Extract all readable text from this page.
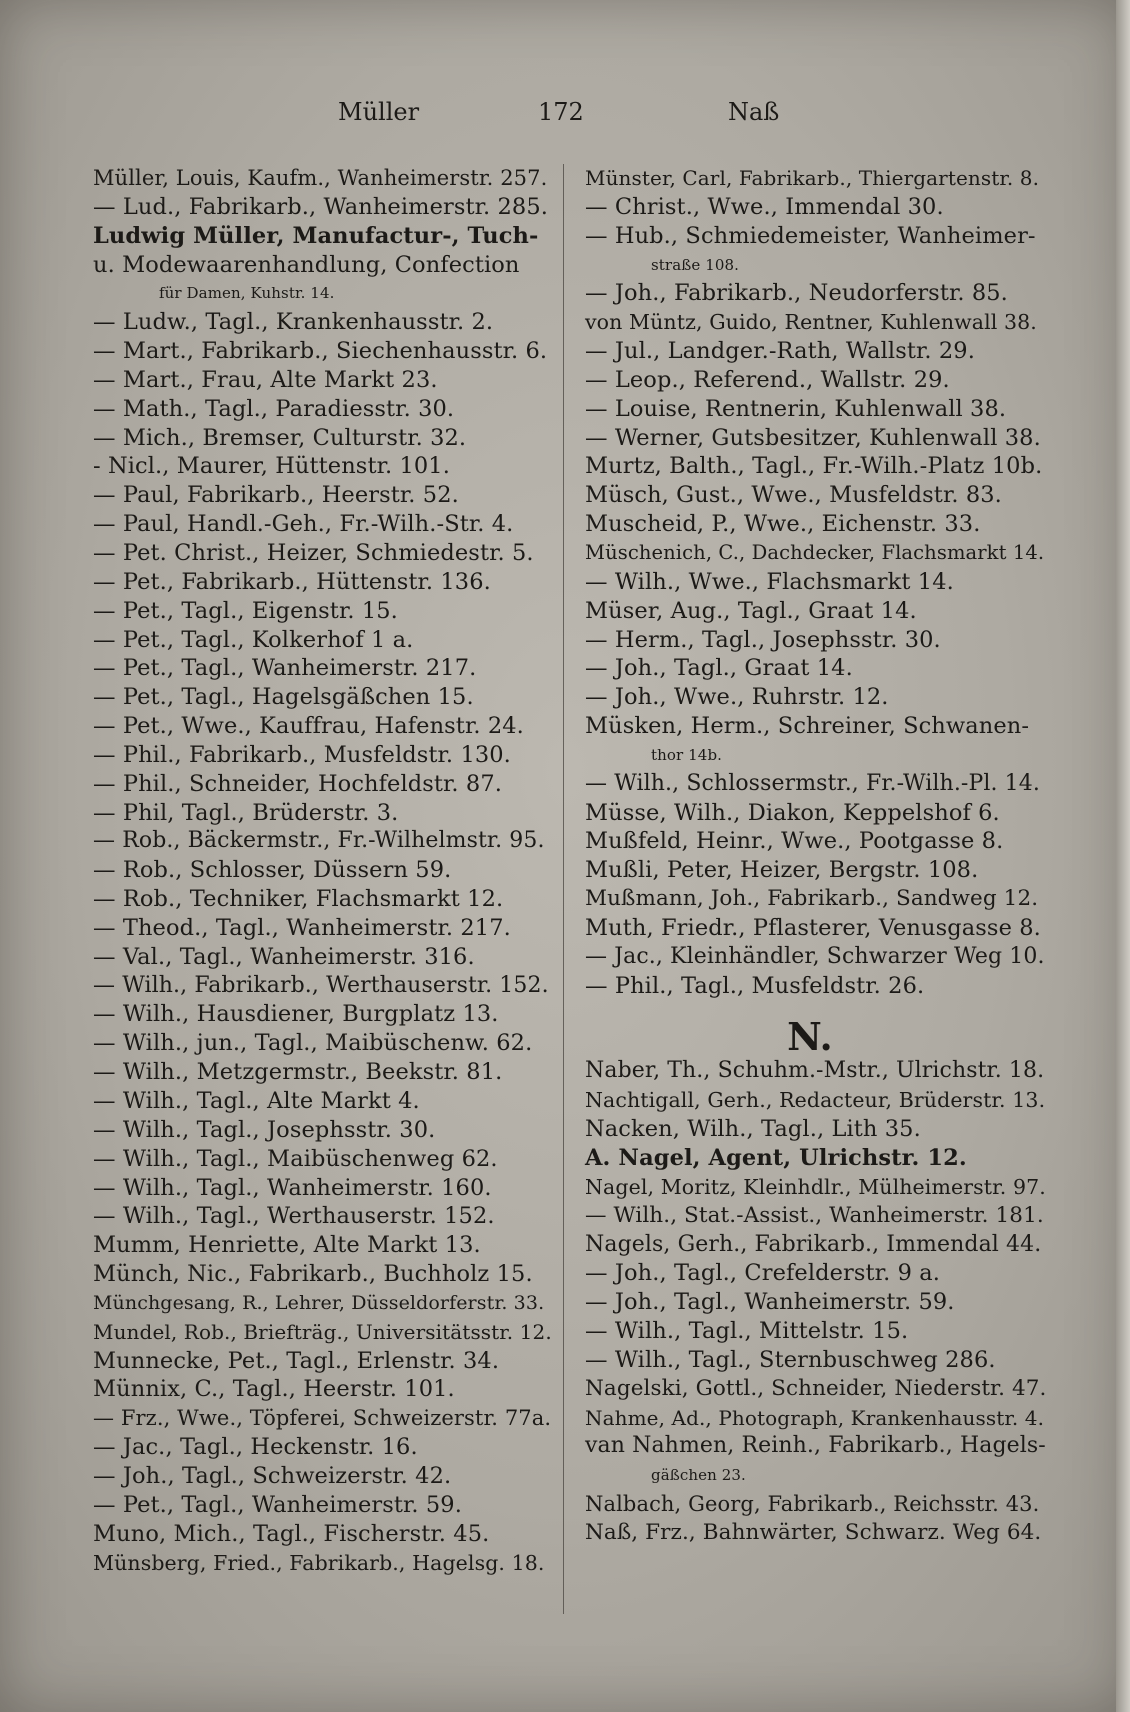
Müller	172	Naß
Müller, Louis, Kaufm., Wanheimerstr. 257.
— Lud., Fabrikarb., Wanheimerstr. 285.
Ludwig Müller, Manufactur-, Tuch-
u. Modewaarenhandlung, Confection
für Damen, Kuhstr. 14.
— Ludw., Tagl., Krankenhausstr. 2.
— Mart., Fabrikarb., Siechenhausstr. 6.
— Mart., Frau, Alte Markt 23.
— Math., Tagl., Paradiesstr. 30.
— Mich., Bremser, Culturstr. 32.
- Nicl., Maurer, Hüttenstr. 101.
— Paul, Fabrikarb., Heerstr. 52.
— Paul, Handl.-Geh., Fr.-Wilh.-Str. 4.
— Pet. Christ., Heizer, Schmiedestr. 5.
— Pet., Fabrikarb., Hüttenstr. 136.
— Pet., Tagl., Eigenstr. 15.
— Pet., Tagl., Kolkerhof 1 a.
— Pet., Tagl., Wanheimerstr. 217.
— Pet., Tagl., Hagelsgäßchen 15.
— Pet., Wwe., Kauffrau, Hafenstr. 24.
— Phil., Fabrikarb., Musfeldstr. 130.
— Phil., Schneider, Hochfeldstr. 87.
— Phil, Tagl., Brüderstr. 3.
— Rob., Bäckermstr., Fr.-Wilhelmstr. 95.
— Rob., Schlosser, Düssern 59.
— Rob., Techniker, Flachsmarkt 12.
— Theod., Tagl., Wanheimerstr. 217.
— Val., Tagl., Wanheimerstr. 316.
— Wilh., Fabrikarb., Werthauserstr. 152.
— Wilh., Hausdiener, Burgplatz 13.
— Wilh., jun., Tagl., Maibüschenw. 62.
— Wilh., Metzgermstr., Beekstr. 81.
— Wilh., Tagl., Alte Markt 4.
— Wilh., Tagl., Josephsstr. 30.
— Wilh., Tagl., Maibüschenweg 62.
— Wilh., Tagl., Wanheimerstr. 160.
— Wilh., Tagl., Werthauserstr. 152.
Mumm, Henriette, Alte Markt 13.
Münch, Nic., Fabrikarb., Buchholz 15.
Münchgesang, R., Lehrer, Düsseldorferstr. 33.
Mundel, Rob., Briefträg., Universitätsstr. 12.
Munnecke, Pet., Tagl., Erlenstr. 34.
Münnix, C., Tagl., Heerstr. 101.
— Frz., Wwe., Töpferei, Schweizerstr. 77a.
— Jac., Tagl., Heckenstr. 16.
— Joh., Tagl., Schweizerstr. 42.
— Pet., Tagl., Wanheimerstr. 59.
Muno, Mich., Tagl., Fischerstr. 45.
Münsberg, Fried., Fabrikarb., Hagelsg. 18.
Münster, Carl, Fabrikarb., Thiergartenstr. 8.
— Christ., Wwe., Immendal 30.
— Hub., Schmiedemeister, Wanheimer-
straße 108.
— Joh., Fabrikarb., Neudorferstr. 85.
von Müntz, Guido, Rentner, Kuhlenwall 38.
— Jul., Landger.-Rath, Wallstr. 29.
— Leop., Referend., Wallstr. 29.
— Louise, Rentnerin, Kuhlenwall 38.
— Werner, Gutsbesitzer, Kuhlenwall 38.
Murtz, Balth., Tagl., Fr.-Wilh.-Platz 10b.
Müsch, Gust., Wwe., Musfeldstr. 83.
Muscheid, P., Wwe., Eichenstr. 33.
Müschenich, C., Dachdecker, Flachsmarkt 14.
— Wilh., Wwe., Flachsmarkt 14.
Müser, Aug., Tagl., Graat 14.
— Herm., Tagl., Josephsstr. 30.
— Joh., Tagl., Graat 14.
— Joh., Wwe., Ruhrstr. 12.
Müsken, Herm., Schreiner, Schwanen-
thor 14b.
— Wilh., Schlossermstr., Fr.-Wilh.-Pl. 14.
Müsse, Wilh., Diakon, Keppelshof 6.
Mußfeld, Heinr., Wwe., Pootgasse 8.
Mußli, Peter, Heizer, Bergstr. 108.
Mußmann, Joh., Fabrikarb., Sandweg 12.
Muth, Friedr., Pflasterer, Venusgasse 8.
— Jac., Kleinhändler, Schwarzer Weg 10.
— Phil., Tagl., Musfeldstr. 26.
N.
Naber, Th., Schuhm.-Mstr., Ulrichstr. 18.
Nachtigall, Gerh., Redacteur, Brüderstr. 13.
Nacken, Wilh., Tagl., Lith 35.
A. Nagel, Agent, Ulrichstr. 12.
Nagel, Moritz, Kleinhdlr., Mülheimerstr. 97.
— Wilh., Stat.-Assist., Wanheimerstr. 181.
Nagels, Gerh., Fabrikarb., Immendal 44.
— Joh., Tagl., Crefelderstr. 9 a.
— Joh., Tagl., Wanheimerstr. 59.
— Wilh., Tagl., Mittelstr. 15.
— Wilh., Tagl., Sternbuschweg 286.
Nagelski, Gottl., Schneider, Niederstr. 47.
Nahme, Ad., Photograph, Krankenhausstr. 4.
van Nahmen, Reinh., Fabrikarb., Hagels-
gäßchen 23.
Nalbach, Georg, Fabrikarb., Reichsstr. 43.
Naß, Frz., Bahnwärter, Schwarz. Weg 64.
